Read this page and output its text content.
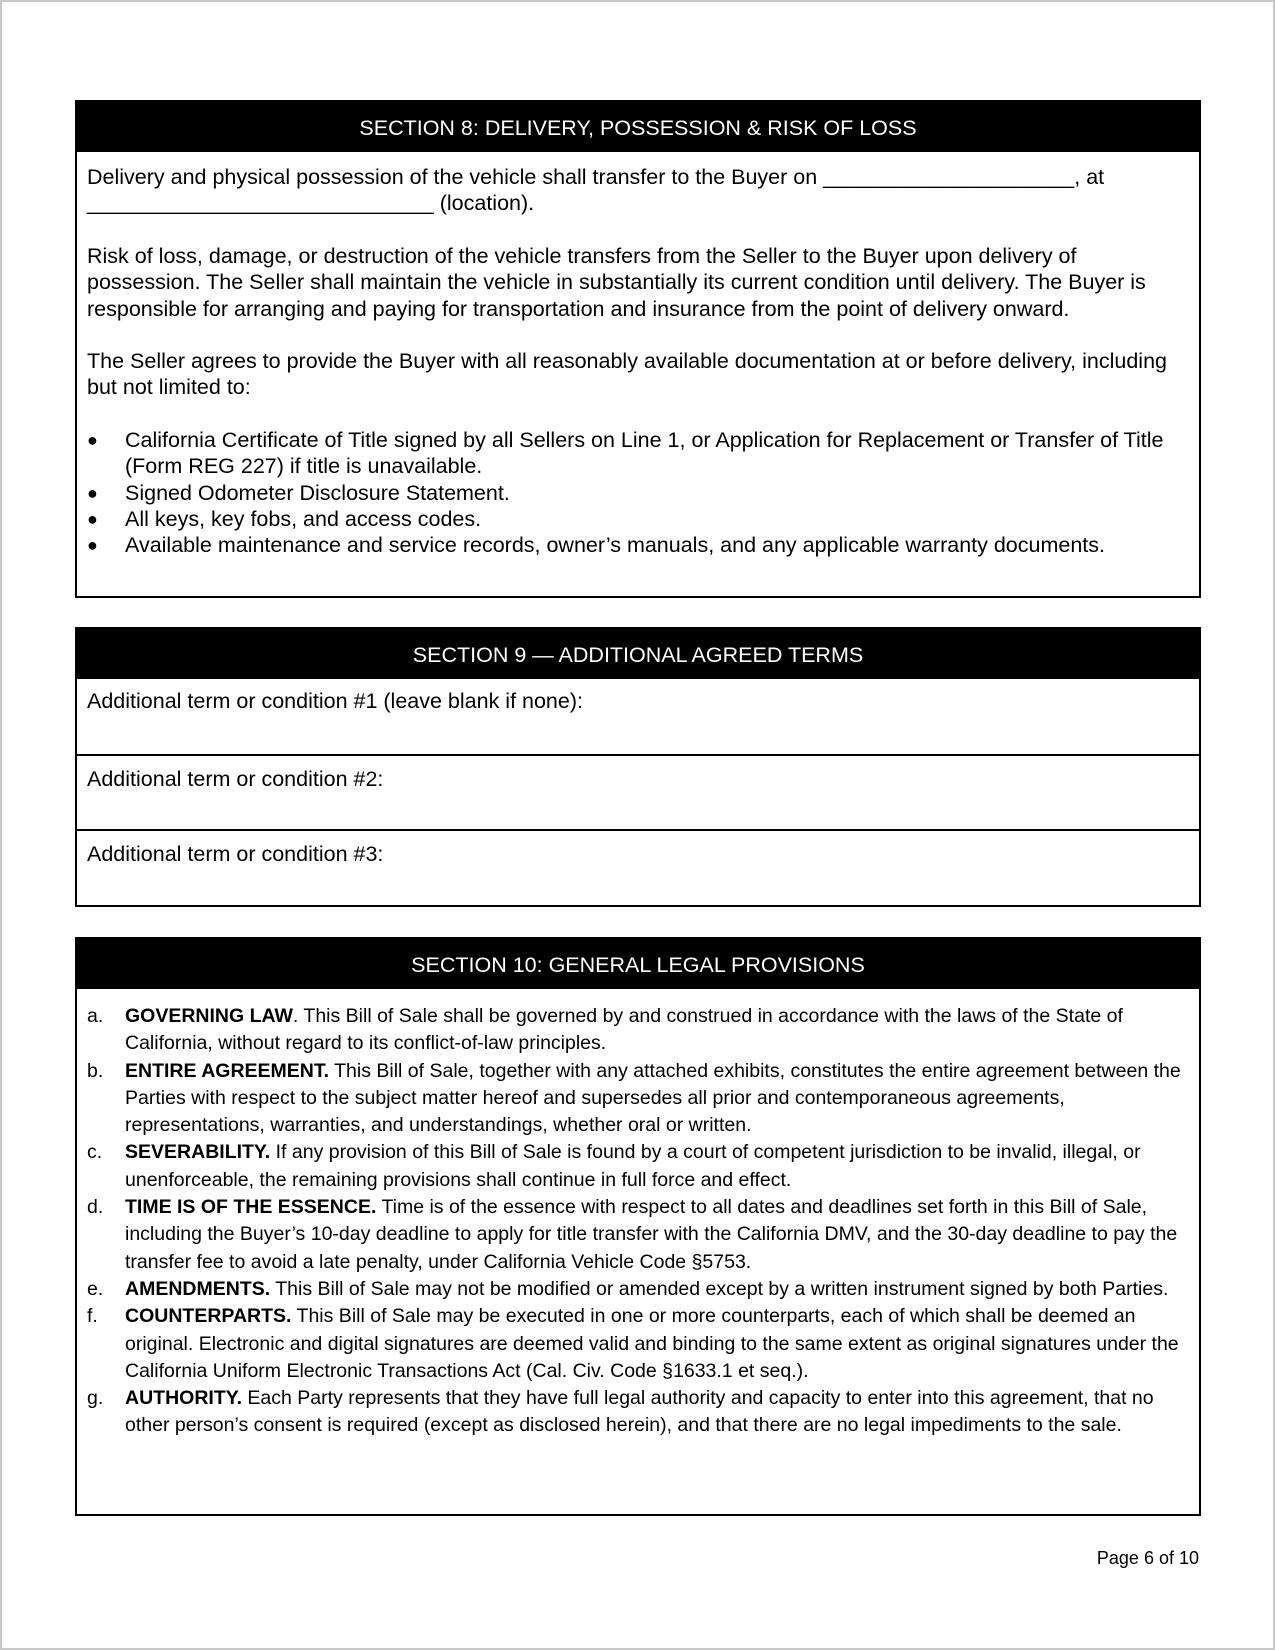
SECTION 8: DELIVERY, POSSESSION & RISK OF LOSS

Delivery and physical possession of the vehicle shall transfer to the Buyer on _____________________, at _____________________________ (location).

Risk of loss, damage, or destruction of the vehicle transfers from the Seller to the Buyer upon delivery of possession. The Seller shall maintain the vehicle in substantially its current condition until delivery. The Buyer is responsible for arranging and paying for transportation and insurance from the point of delivery onward.

The Seller agrees to provide the Buyer with all reasonably available documentation at or before delivery, including but not limited to:

● California Certificate of Title signed by all Sellers on Line 1, or Application for Replacement or Transfer of Title (Form REG 227) if title is unavailable.
● Signed Odometer Disclosure Statement.
● All keys, key fobs, and access codes.
● Available maintenance and service records, owner’s manuals, and any applicable warranty documents.
SECTION 9 — ADDITIONAL AGREED TERMS
Additional term or condition #1 (leave blank if none):
Additional term or condition #2:
Additional term or condition #3:
SECTION 10: GENERAL LEGAL PROVISIONS
a. GOVERNING LAW. This Bill of Sale shall be governed by and construed in accordance with the laws of the State of California, without regard to its conflict-of-law principles.
b. ENTIRE AGREEMENT. This Bill of Sale, together with any attached exhibits, constitutes the entire agreement between the Parties with respect to the subject matter hereof and supersedes all prior and contemporaneous agreements, representations, warranties, and understandings, whether oral or written.
c. SEVERABILITY. If any provision of this Bill of Sale is found by a court of competent jurisdiction to be invalid, illegal, or unenforceable, the remaining provisions shall continue in full force and effect.
d. TIME IS OF THE ESSENCE. Time is of the essence with respect to all dates and deadlines set forth in this Bill of Sale, including the Buyer’s 10-day deadline to apply for title transfer with the California DMV, and the 30-day deadline to pay the transfer fee to avoid a late penalty, under California Vehicle Code §5753.
e. AMENDMENTS. This Bill of Sale may not be modified or amended except by a written instrument signed by both Parties.
f. COUNTERPARTS. This Bill of Sale may be executed in one or more counterparts, each of which shall be deemed an original. Electronic and digital signatures are deemed valid and binding to the same extent as original signatures under the California Uniform Electronic Transactions Act (Cal. Civ. Code §1633.1 et seq.).
g. AUTHORITY. Each Party represents that they have full legal authority and capacity to enter into this agreement, that no other person’s consent is required (except as disclosed herein), and that there are no legal impediments to the sale.
Page 6 of 10
